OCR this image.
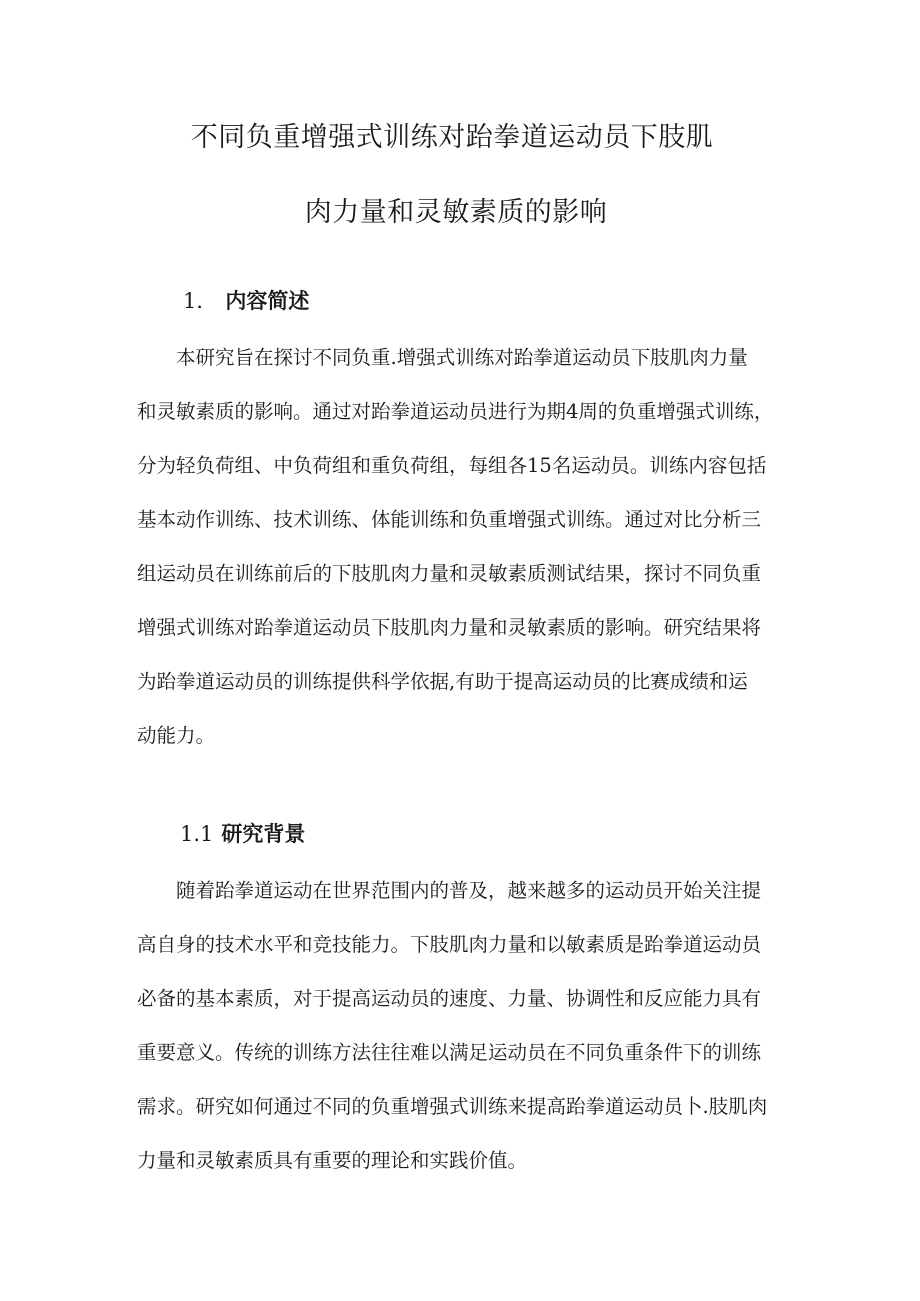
不同负重增强式训练对跆拳道运动员下肢肌
肉力量和灵敏素质的影响
1． 内容简述
本研究旨在探讨不同负重.增强式训练对跆拳道运动员下肢肌肉力量
和灵敏素质的影响。通过对跆拳道运动员进行为期4周的负重增强式训练，
分为轻负荷组、中负荷组和重负荷组，每组各15名运动员。训练内容包括
基本动作训练、技术训练、体能训练和负重增强式训练。通过对比分析三
组运动员在训练前后的下肢肌肉力量和灵敏素质测试结果，探讨不同负重
增强式训练对跆拳道运动员下肢肌肉力量和灵敏素质的影响。研究结果将
为跆拳道运动员的训练提供科学依据,有助于提高运动员的比赛成绩和运
动能力。
1.1 研究背景
随着跆拳道运动在世界范围内的普及，越来越多的运动员开始关注提
高自身的技术水平和竞技能力。下肢肌肉力量和以敏素质是跆拳道运动员
必备的基本素质，对于提高运动员的速度、力量、协调性和反应能力具有
重要意义。传统的训练方法往往难以满足运动员在不同负重条件下的训练
需求。研究如何通过不同的负重增强式训练来提高跆拳道运动员卜.肢肌肉
力量和灵敏素质具有重要的理论和实践价值。
